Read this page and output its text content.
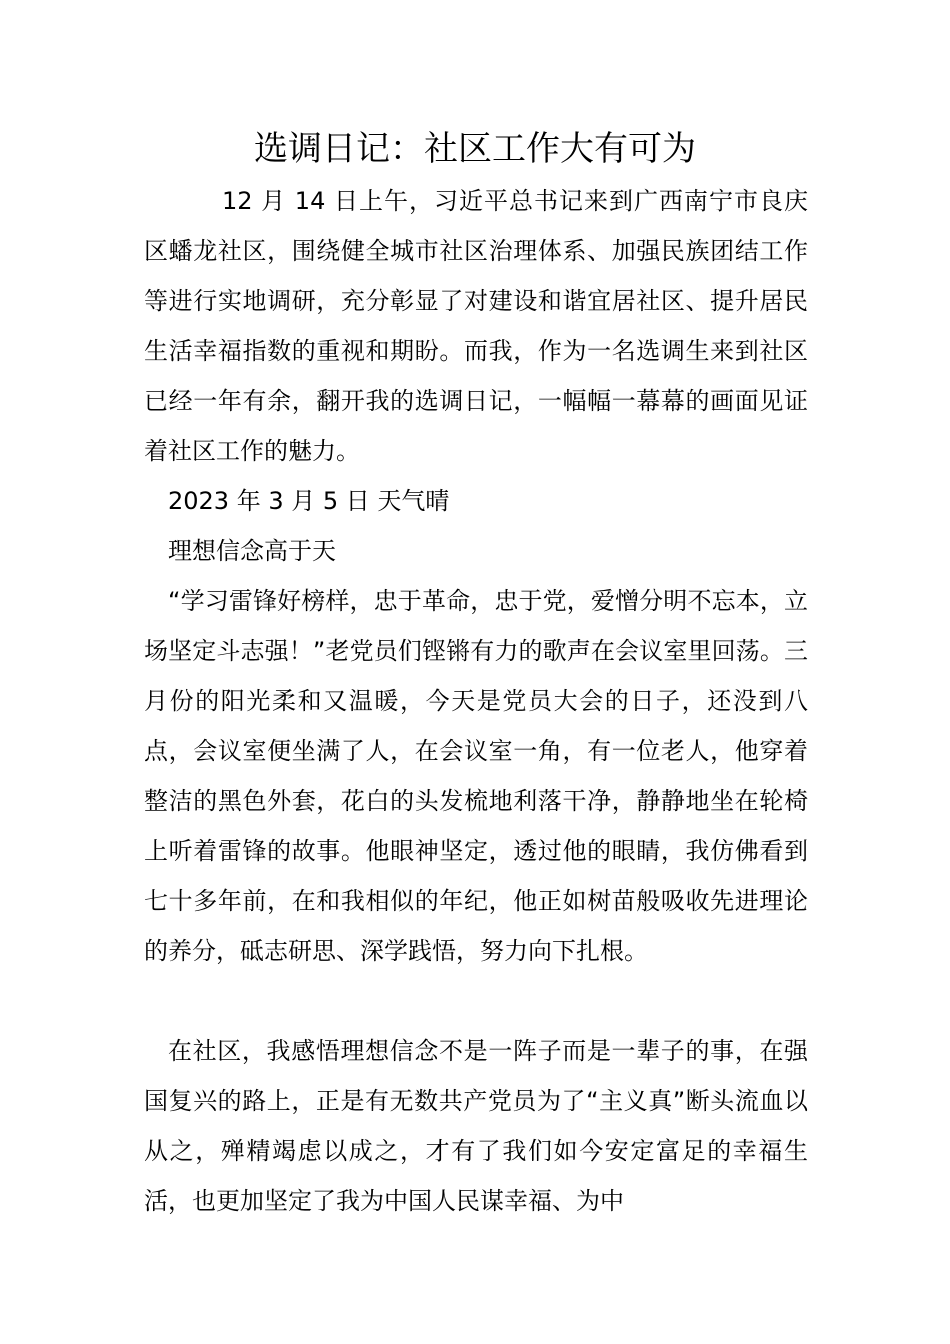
选调日记：社区工作大有可为

12 月 14 日上午，习近平总书记来到广西南宁市良庆区蟠龙社区，围绕健全城市社区治理体系、加强民族团结工作等进行实地调研，充分彰显了对建设和谐宜居社区、提升居民生活幸福指数的重视和期盼。而我，作为一名选调生来到社区已经一年有余，翻开我的选调日记，一幅幅一幕幕的画面见证着社区工作的魅力。

2023 年 3 月 5 日 天气晴

理想信念高于天

“学习雷锋好榜样，忠于革命，忠于党，爱憎分明不忘本，立场坚定斗志强！”老党员们铿锵有力的歌声在会议室里回荡。三月份的阳光柔和又温暖，今天是党员大会的日子，还没到八点，会议室便坐满了人，在会议室一角，有一位老人，他穿着整洁的黑色外套，花白的头发梳地利落干净，静静地坐在轮椅上听着雷锋的故事。他眼神坚定，透过他的眼睛，我仿佛看到七十多年前，在和我相似的年纪，他正如树苗般吸收先进理论的养分，砥志研思、深学践悟，努力向下扎根。

在社区，我感悟理想信念不是一阵子而是一辈子的事，在强国复兴的路上，正是有无数共产党员为了“主义真”断头流血以从之，殚精竭虑以成之，才有了我们如今安定富足的幸福生活，也更加坚定了我为中国人民谋幸福、为中
